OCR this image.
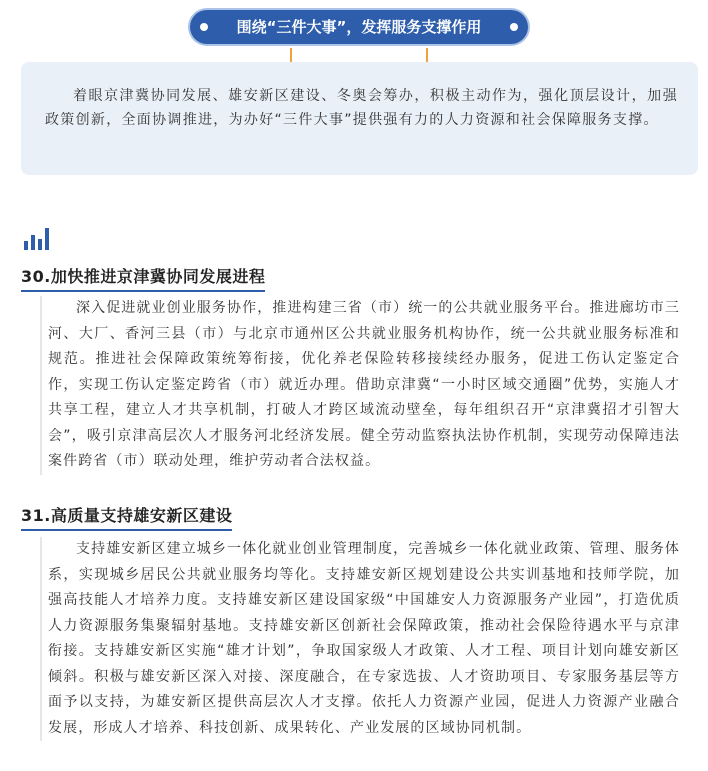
围绕“三件大事”，发挥服务支撑作用

着眼京津冀协同发展、雄安新区建设、冬奥会筹办，积极主动作为，强化顶层设计，加强政策创新，全面协调推进，为办好“三件大事”提供强有力的人力资源和社会保障服务支撑。

30.加快推进京津冀协同发展进程

深入促进就业创业服务协作，推进构建三省（市）统一的公共就业服务平台。推进廊坊市三河、大厂、香河三县（市）与北京市通州区公共就业服务机构协作，统一公共就业服务标准和规范。推进社会保障政策统筹衔接，优化养老保险转移接续经办服务，促进工伤认定鉴定合作，实现工伤认定鉴定跨省（市）就近办理。借助京津冀“一小时区域交通圈”优势，实施人才共享工程，建立人才共享机制，打破人才跨区域流动壁垒，每年组织召开“京津冀招才引智大会”，吸引京津高层次人才服务河北经济发展。健全劳动监察执法协作机制，实现劳动保障违法案件跨省（市）联动处理，维护劳动者合法权益。

31.高质量支持雄安新区建设

支持雄安新区建立城乡一体化就业创业管理制度，完善城乡一体化就业政策、管理、服务体系，实现城乡居民公共就业服务均等化。支持雄安新区规划建设公共实训基地和技师学院，加强高技能人才培养力度。支持雄安新区建设国家级“中国雄安人力资源服务产业园”，打造优质人力资源服务集聚辐射基地。支持雄安新区创新社会保障政策，推动社会保险待遇水平与京津衔接。支持雄安新区实施“雄才计划”，争取国家级人才政策、人才工程、项目计划向雄安新区倾斜。积极与雄安新区深入对接、深度融合，在专家选拔、人才资助项目、专家服务基层等方面予以支持，为雄安新区提供高层次人才支撑。依托人力资源产业园，促进人力资源产业融合发展，形成人才培养、科技创新、成果转化、产业发展的区域协同机制。
